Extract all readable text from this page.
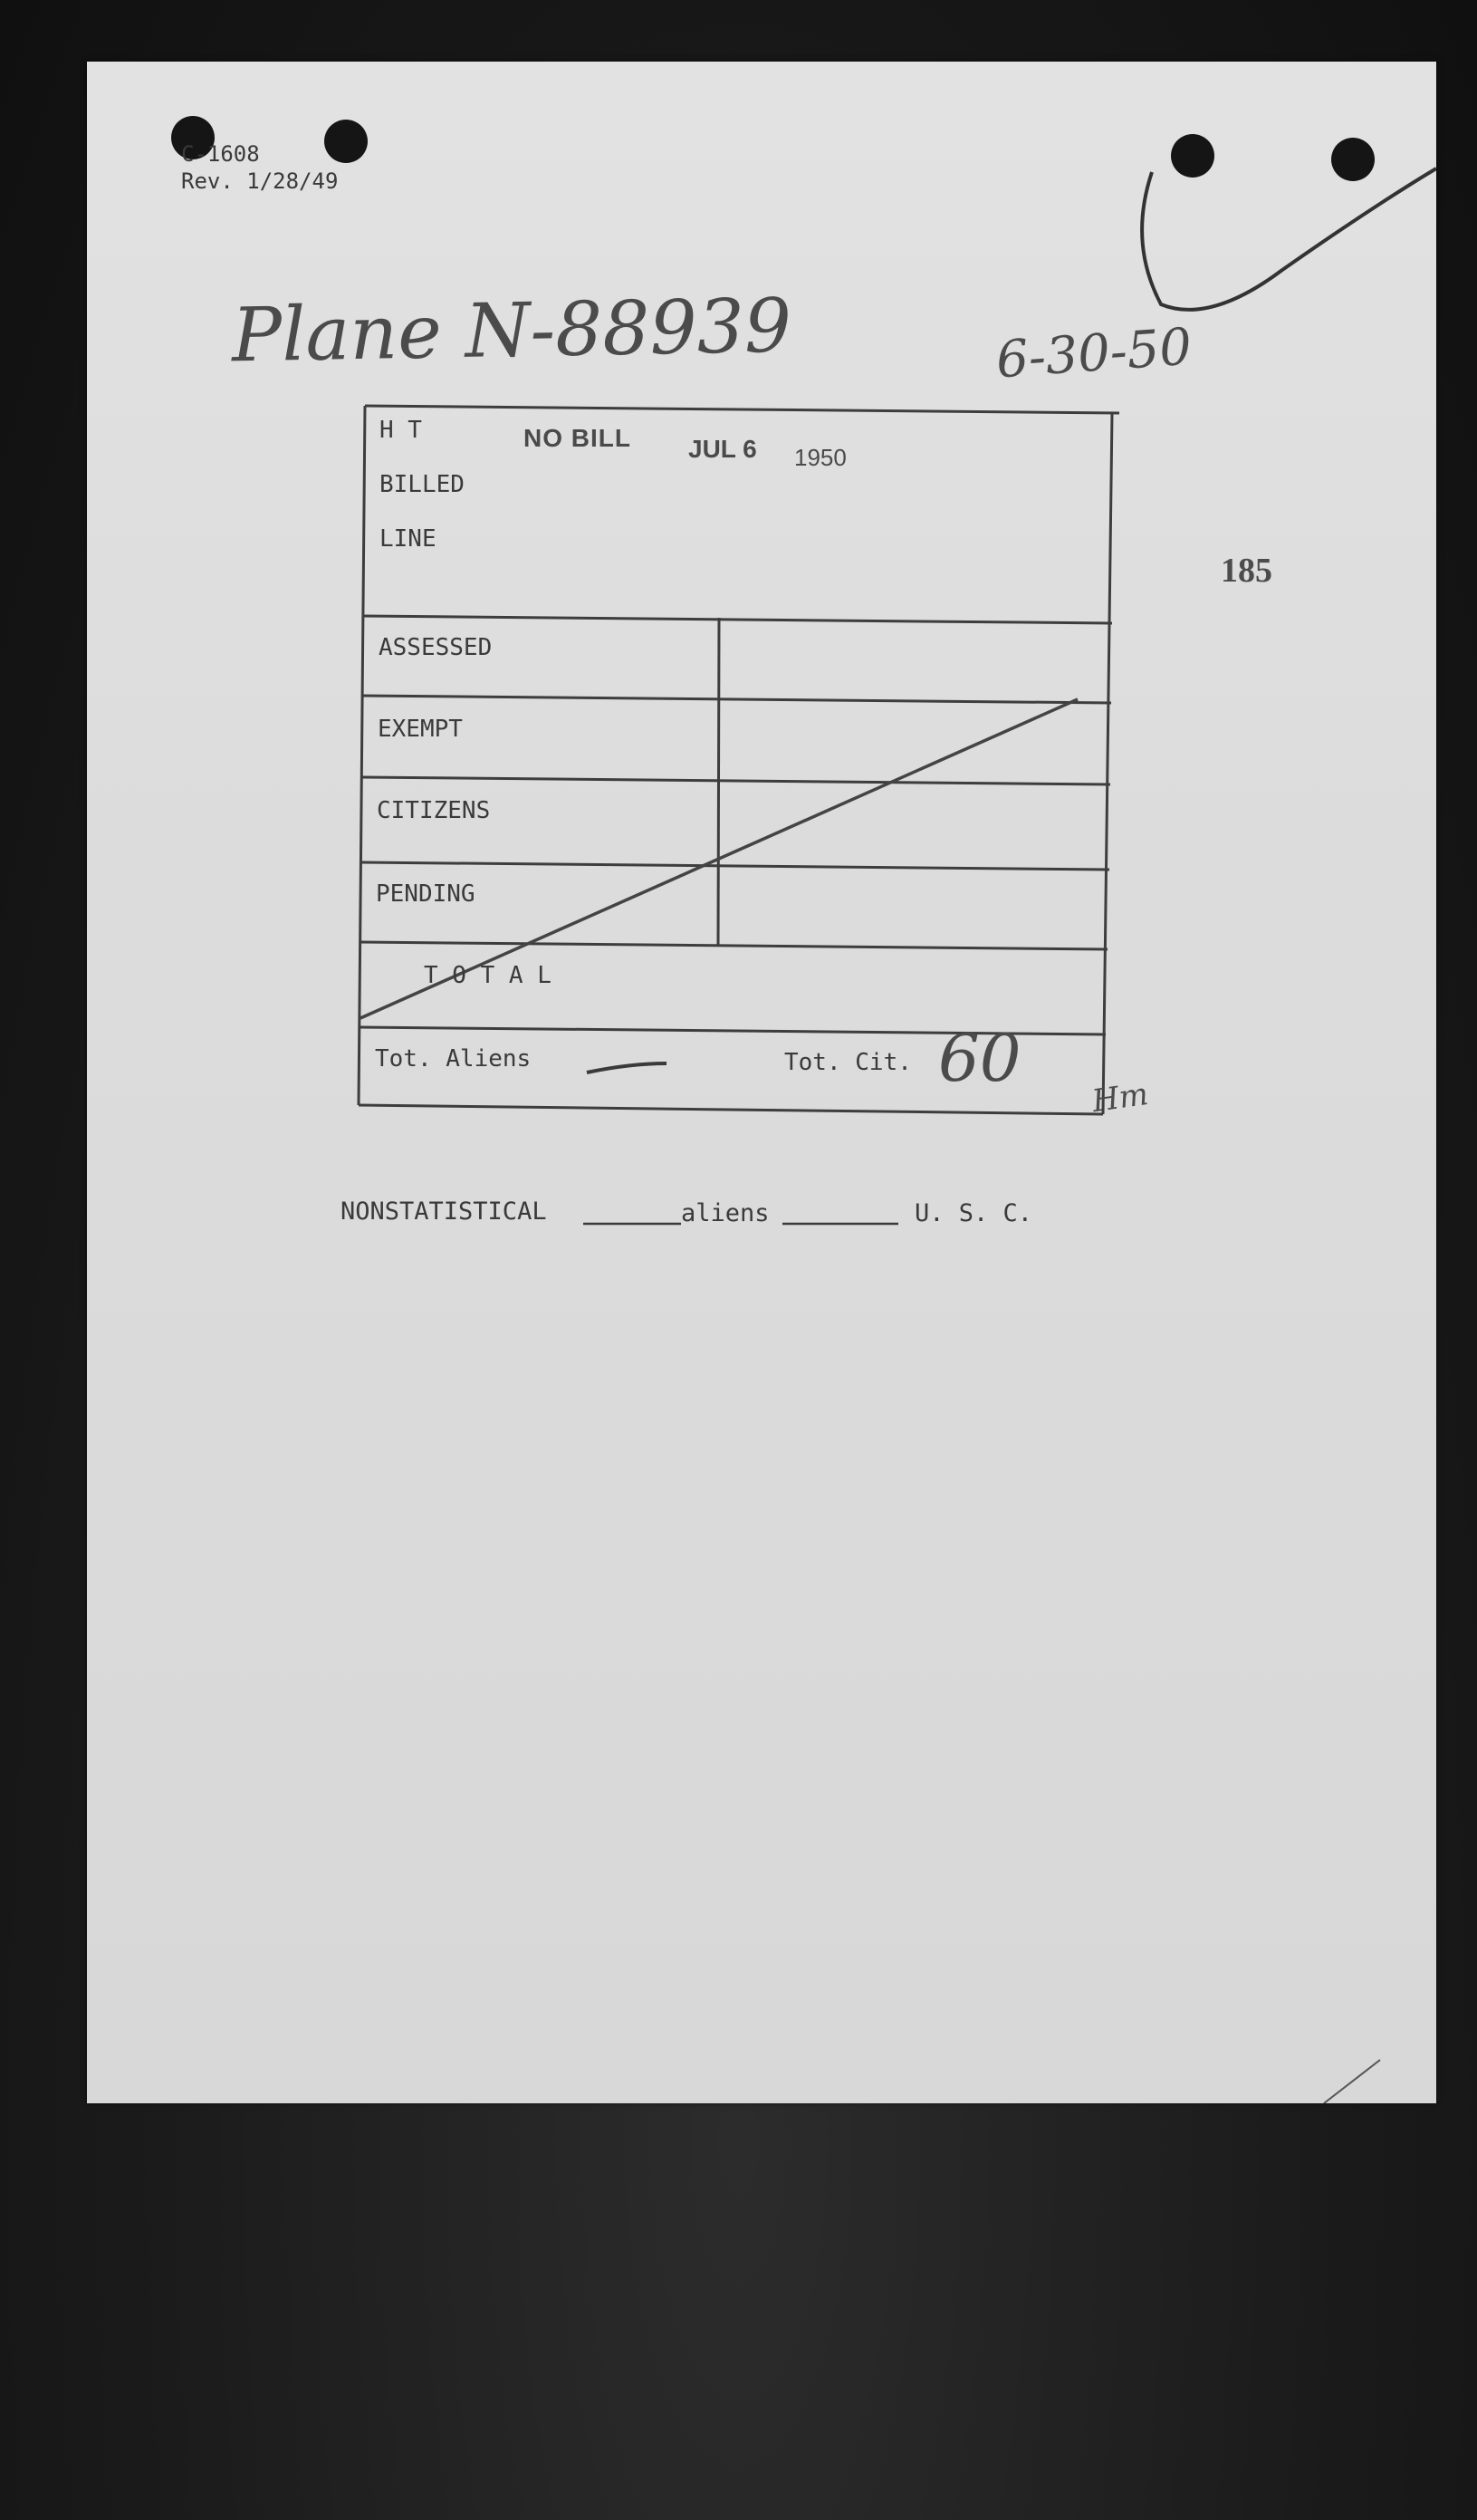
C-1608
Rev. 1/28/49
Plane N-88939	6-30-50
185
NO BILL JUL 6 1950
H T
BILLED
LINE
ASSESSED
EXEMPT
CITIZENS
PENDING
T O T A L
Tot. Aliens	Tot. Cit. 60
Hm
NONSTATISTICAL	aliens	U. S. C.
